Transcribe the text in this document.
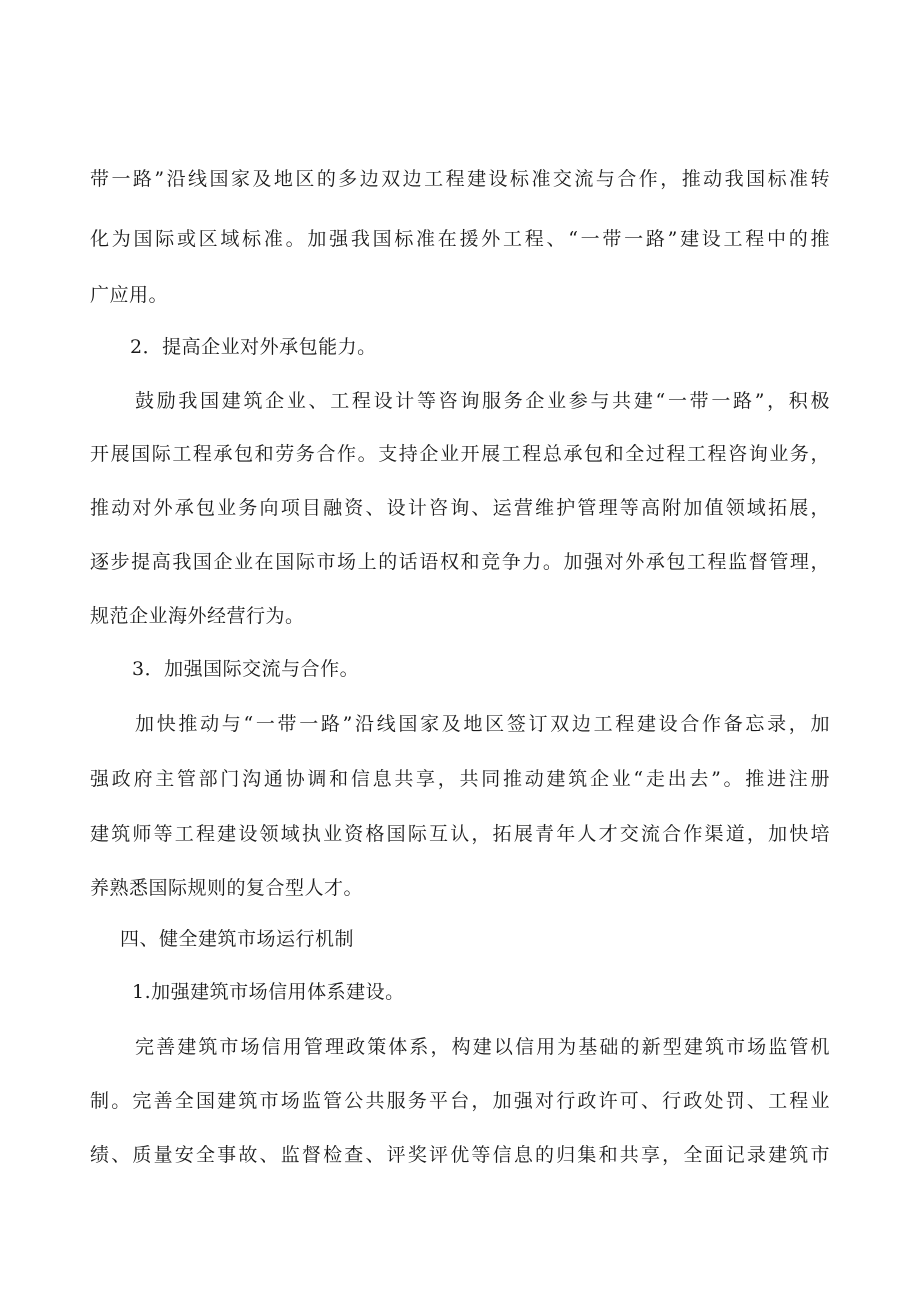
带一路”沿线国家及地区的多边双边工程建设标准交流与合作，推动我国标准转
化为国际或区域标准。加强我国标准在援外工程、“一带一路”建设工程中的推
广应用。
2．提高企业对外承包能力。
鼓励我国建筑企业、工程设计等咨询服务企业参与共建“一带一路”，积极
开展国际工程承包和劳务合作。支持企业开展工程总承包和全过程工程咨询业务，
推动对外承包业务向项目融资、设计咨询、运营维护管理等高附加值领域拓展，
逐步提高我国企业在国际市场上的话语权和竞争力。加强对外承包工程监督管理，
规范企业海外经营行为。
3．加强国际交流与合作。
加快推动与“一带一路”沿线国家及地区签订双边工程建设合作备忘录，加
强政府主管部门沟通协调和信息共享，共同推动建筑企业“走出去”。推进注册
建筑师等工程建设领域执业资格国际互认，拓展青年人才交流合作渠道，加快培
养熟悉国际规则的复合型人才。
四、健全建筑市场运行机制
1.加强建筑市场信用体系建设。
完善建筑市场信用管理政策体系，构建以信用为基础的新型建筑市场监管机
制。完善全国建筑市场监管公共服务平台，加强对行政许可、行政处罚、工程业
绩、质量安全事故、监督检查、评奖评优等信息的归集和共享，全面记录建筑市
